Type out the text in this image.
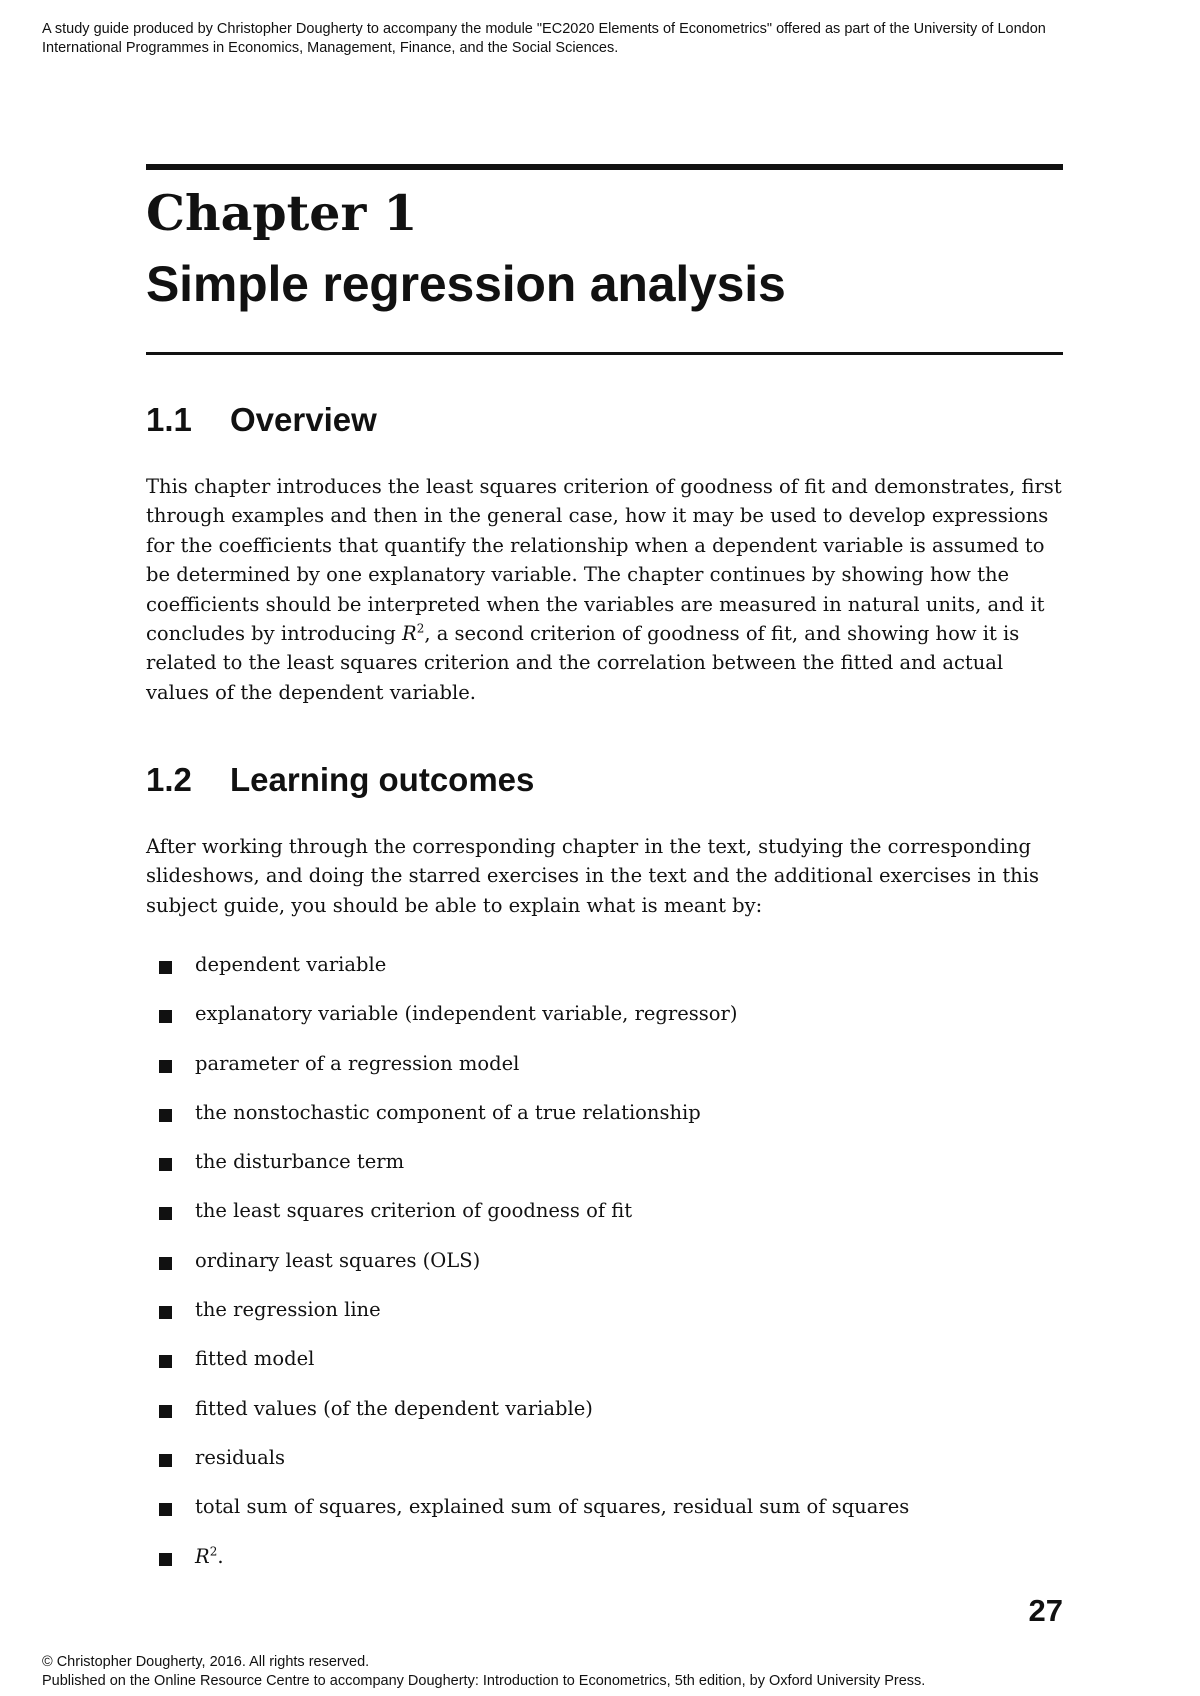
A study guide produced by Christopher Dougherty to accompany the module "EC2020 Elements of Econometrics" offered as part of the University of London
International Programmes in Economics, Management, Finance, and the Social Sciences.
Chapter 1
Simple regression analysis
1.1 Overview
This chapter introduces the least squares criterion of goodness of fit and demonstrates, first through examples and then in the general case, how it may be used to develop expressions for the coefficients that quantify the relationship when a dependent variable is assumed to be determined by one explanatory variable. The chapter continues by showing how the coefficients should be interpreted when the variables are measured in natural units, and it concludes by introducing $R^2$, a second criterion of goodness of fit, and showing how it is related to the least squares criterion and the correlation between the fitted and actual values of the dependent variable.
1.2 Learning outcomes
After working through the corresponding chapter in the text, studying the corresponding slideshows, and doing the starred exercises in the text and the additional exercises in this subject guide, you should be able to explain what is meant by:
dependent variable
explanatory variable (independent variable, regressor)
parameter of a regression model
the nonstochastic component of a true relationship
the disturbance term
the least squares criterion of goodness of fit
ordinary least squares (OLS)
the regression line
fitted model
fitted values (of the dependent variable)
residuals
total sum of squares, explained sum of squares, residual sum of squares
$R^2$.
27
© Christopher Dougherty, 2016. All rights reserved.
Published on the Online Resource Centre to accompany Dougherty: Introduction to Econometrics, 5th edition, by Oxford University Press.
